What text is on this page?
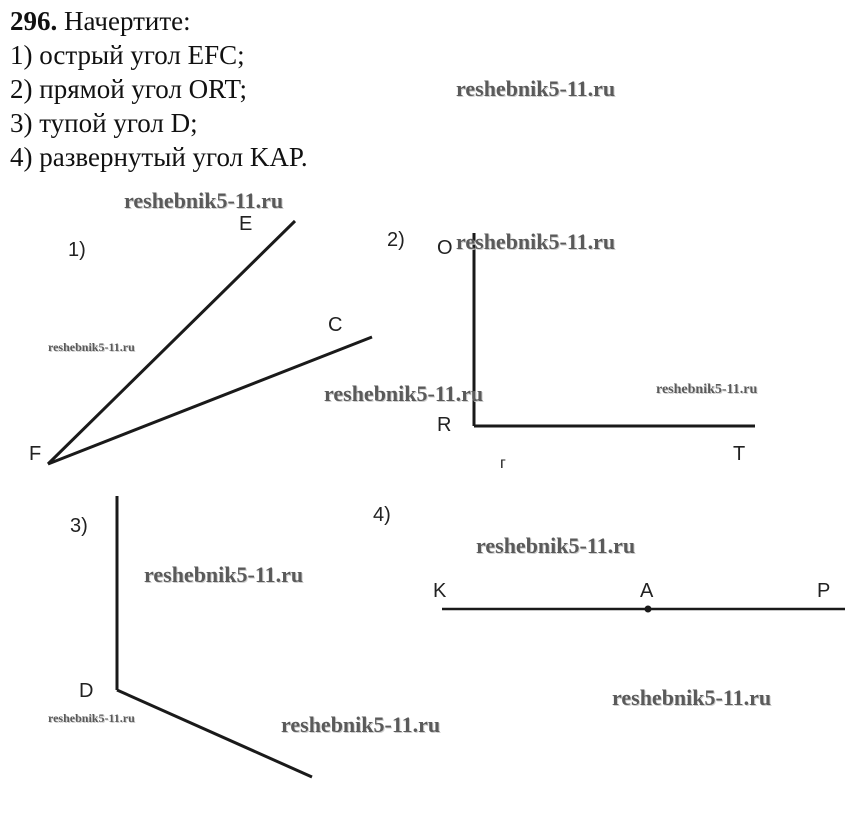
296. Начертите:
1) острый угол EFC;
2) прямой угол ORT;
3) тупой угол D;
4) развернутый угол KAP.
1)	2)
3)	4)
E
C
F
O
R
T
г
D
K	A	P
reshebnik5-11.ru
reshebnik5-11.ru
reshebnik5-11.ru
reshebnik5-11.ru
reshebnik5-11.ru	reshebnik5-11.ru
reshebnik5-11.ru
reshebnik5-11.ru
reshebnik5-11.ru
reshebnik5-11.ru	reshebnik5-11.ru
